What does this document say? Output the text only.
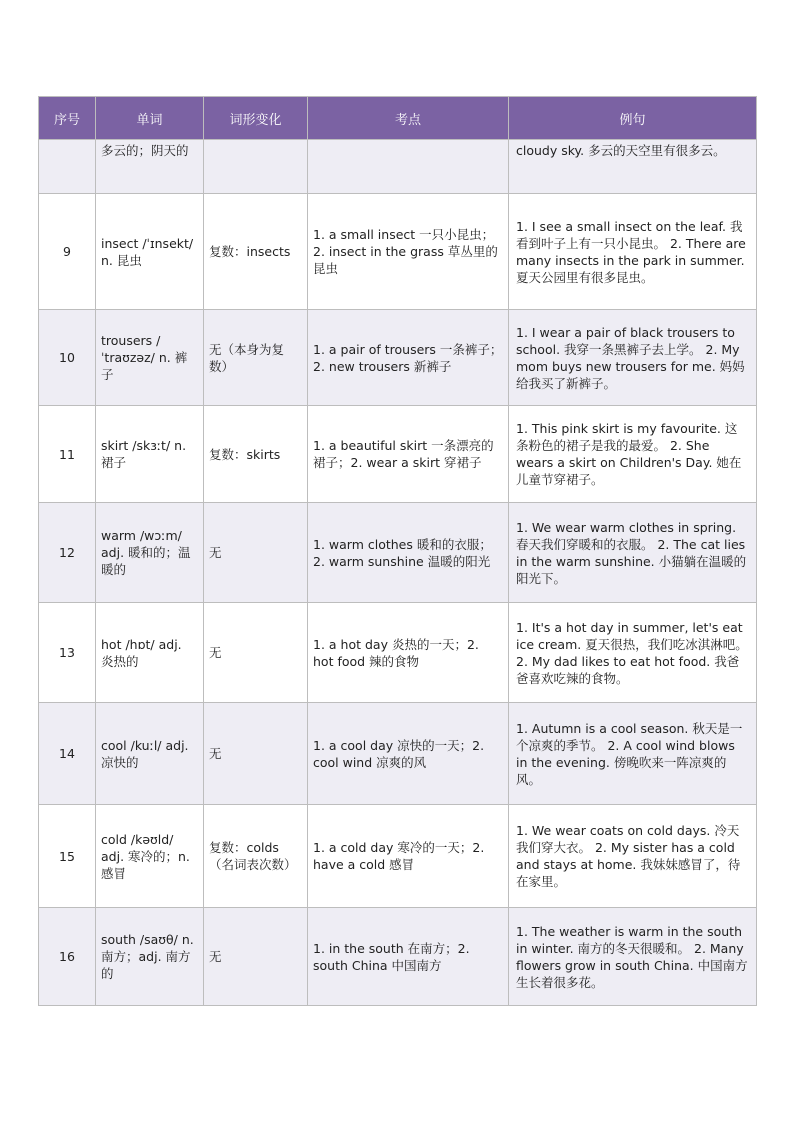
序号	单词	词形变化	考点	例句
	多云的；阴天的			cloudy sky. 多云的天空里有很多云。
9	insect /ˈɪnsekt/ n. 昆虫	复数：insects	1. a small insect 一只小昆虫；2. insect in the grass 草丛里的昆虫	1. I see a small insect on the leaf. 我看到叶子上有一只小昆虫。 2. There are many insects in the park in summer. 夏天公园里有很多昆虫。
10	trousers /ˈtraʊzəz/ n. 裤子	无（本身为复数）	1. a pair of trousers 一条裤子；2. new trousers 新裤子	1. I wear a pair of black trousers to school. 我穿一条黑裤子去上学。 2. My mom buys new trousers for me. 妈妈给我买了新裤子。
11	skirt /skɜːt/ n. 裙子	复数：skirts	1. a beautiful skirt 一条漂亮的裙子；2. wear a skirt 穿裙子	1. This pink skirt is my favourite. 这条粉色的裙子是我的最爱。 2. She wears a skirt on Children's Day. 她在儿童节穿裙子。
12	warm /wɔːm/ adj. 暖和的；温暖的	无	1. warm clothes 暖和的衣服；2. warm sunshine 温暖的阳光	1. We wear warm clothes in spring. 春天我们穿暖和的衣服。 2. The cat lies in the warm sunshine. 小猫躺在温暖的阳光下。
13	hot /hɒt/ adj. 炎热的	无	1. a hot day 炎热的一天；2. hot food 辣的食物	1. It's a hot day in summer, let's eat ice cream. 夏天很热，我们吃冰淇淋吧。 2. My dad likes to eat hot food. 我爸爸喜欢吃辣的食物。
14	cool /kuːl/ adj. 凉快的	无	1. a cool day 凉快的一天；2. cool wind 凉爽的风	1. Autumn is a cool season. 秋天是一个凉爽的季节。 2. A cool wind blows in the evening. 傍晚吹来一阵凉爽的风。
15	cold /kəʊld/ adj. 寒冷的；n. 感冒	复数：colds（名词表次数）	1. a cold day 寒冷的一天；2. have a cold 感冒	1. We wear coats on cold days. 冷天我们穿大衣。 2. My sister has a cold and stays at home. 我妹妹感冒了，待在家里。
16	south /saʊθ/ n. 南方；adj. 南方的	无	1. in the south 在南方；2. south China 中国南方	1. The weather is warm in the south in winter. 南方的冬天很暖和。 2. Many flowers grow in south China. 中国南方生长着很多花。
